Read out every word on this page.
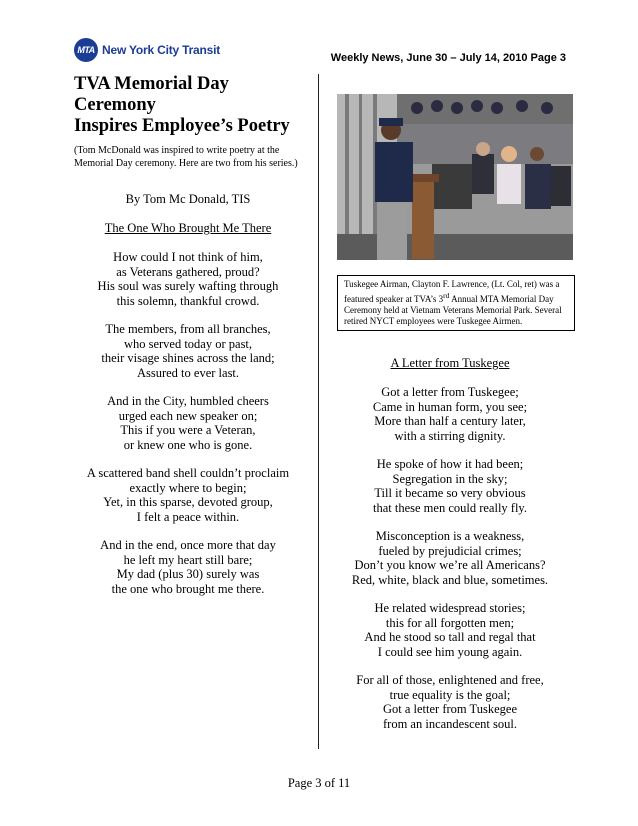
MTA New York City Transit
Weekly News, June 30 – July 14, 2010 Page 3
TVA Memorial Day Ceremony
Inspires Employee’s Poetry

(Tom McDonald was inspired to write poetry at the Memorial Day ceremony. Here are two from his series.)

By Tom Mc Donald, TIS

The One Who Brought Me There

How could I not think of him,
as Veterans gathered, proud?
His soul was surely wafting through
this solemn, thankful crowd.
The members, from all branches,
who served today or past,
their visage shines across the land;
Assured to ever last.
And in the City, humbled cheers
urged each new speaker on;
This if you were a Veteran,
or knew one who is gone.
A scattered band shell couldn’t proclaim
exactly where to begin;
Yet, in this sparse, devoted group,
I felt a peace within.
And in the end, once more that day
he left my heart still bare;
My dad (plus 30) surely was
the one who brought me there.
Tuskegee Airman, Clayton F. Lawrence, (Lt. Col, ret) was a featured speaker at TVA’s 3rd Annual MTA Memorial Day Ceremony held at Vietnam Veterans Memorial Park. Several retired NYCT employees were Tuskegee Airmen.

A Letter from Tuskegee

Got a letter from Tuskegee;
Came in human form, you see;
More than half a century later,
with a stirring dignity.
He spoke of how it had been;
Segregation in the sky;
Till it became so very obvious
that these men could really fly.
Misconception is a weakness,
fueled by prejudicial crimes;
Don’t you know we’re all Americans?
Red, white, black and blue, sometimes.
He related widespread stories;
this for all forgotten men;
And he stood so tall and regal that
I could see him young again.
For all of those, enlightened and free,
true equality is the goal;
Got a letter from Tuskegee
from an incandescent soul.
Page 3 of 11
